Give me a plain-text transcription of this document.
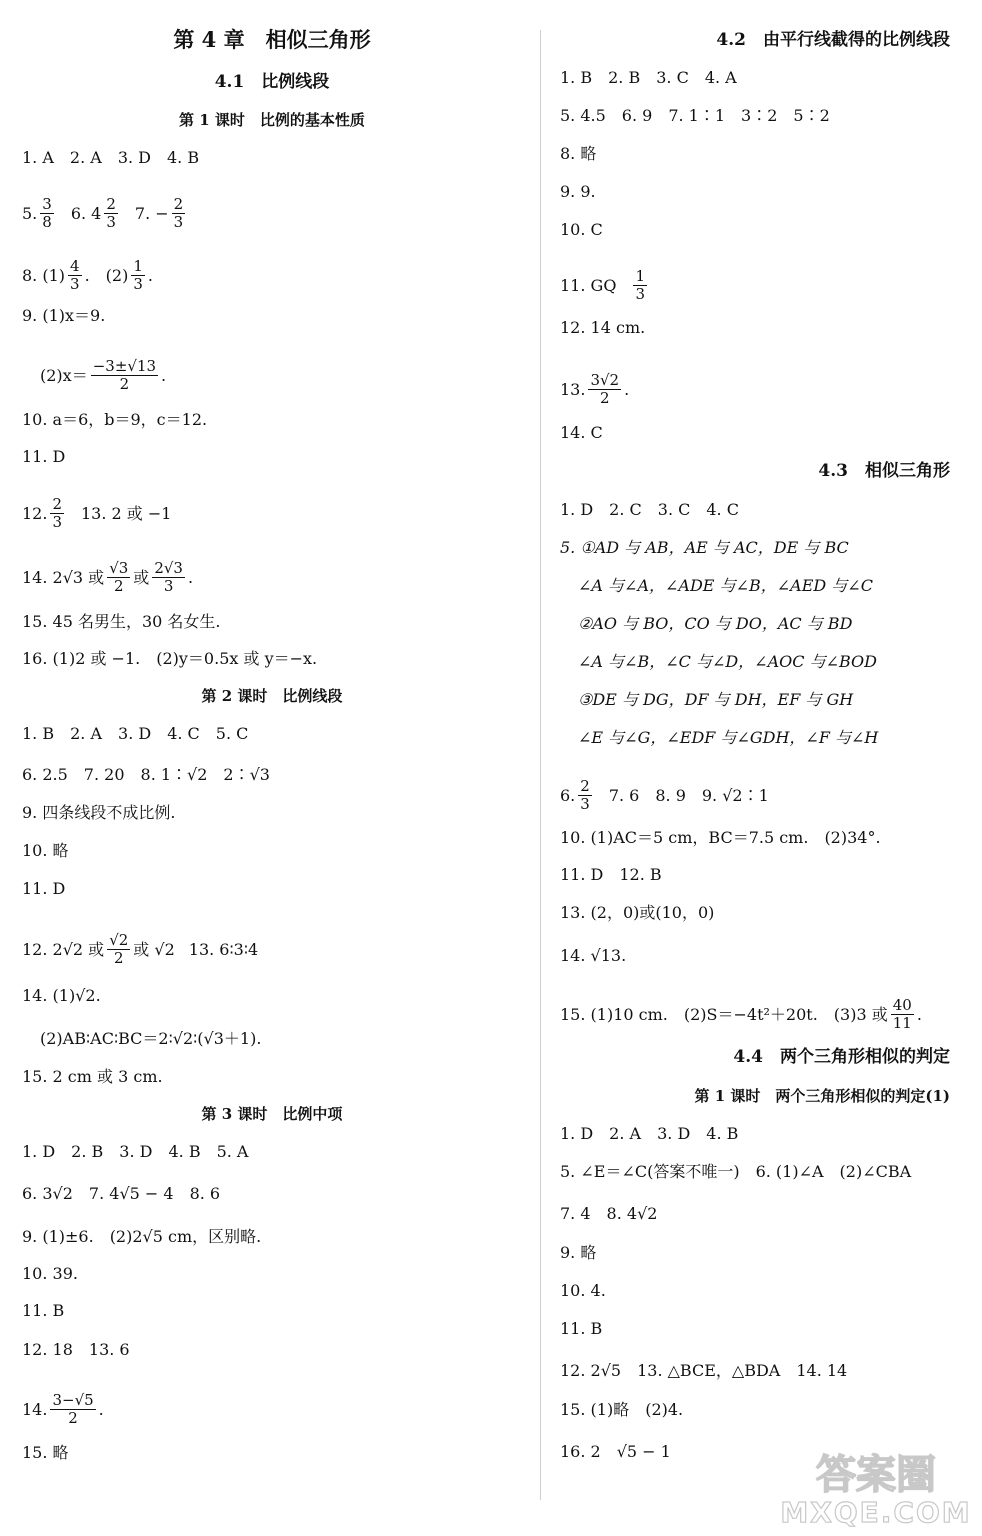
第 4 章　相似三角形
4.1　比例线段
第 1 课时　比例的基本性质
1. A　2. A　3. D　4. B
5. $\frac{3}{8} 6$. $4 \frac{2}{3} 7$. − $\frac{2}{3}$
8. $(1) \frac{4}{3}$ .　$(2) \frac{1}{3}$ .
9. (1)x＝9.
$(2)x= \frac{-3\pm√13}{2}$ .
10. a＝6，b＝9，c＝12.
11. D
12. $\frac{2}{3} 13$. 2 或 −1
14. 2√3 或 $\frac{√3}{2}$ 或 $\frac{2√3}{3}$ .
15. 45 名男生，30 名女生.
16. (1)2 或 −1.　(2)y＝0.5x 或 y＝−x.
第 2 课时　比例线段
1. B　2. A　3. D　4. C　5. C
6. 2.5　7. 20　8. 1∶√2　2∶√3
9. 四条线段不成比例.
10. 略
11. D
12. 2√2 或 $\frac{√2}{2}$ 或 √2 13. 6∶3∶4
14. (1)√2.
(2)AB∶AC∶BC＝2∶√2∶(√3＋1).
15. 2 cm 或 3 cm.
第 3 课时　比例中项
1. D　2. B　3. D　4. B　5. A
6. 3√2　7. 4√5 − 4　8. 6
9. (1)±6.　(2)2√5 cm，区别略.
10. 39.
11. B
12. 18　13. 6
14. $\frac{3-√5}{2}$ .
15. 略
4.2　由平行线截得的比例线段
1. B　2. B　3. C　4. A
5. 4.5　6. 9　7. 1∶1　3∶2　5∶2
8. 略
9. 9.
10. C
11. GQ $\frac{1}{3}$
12. 14 cm.
13. $\frac{3√2}{2}$ .
14. C
4.3　相似三角形
1. D　2. C　3. C　4. C
5. ①AD 与 AB，AE 与 AC，DE 与 BC
∠A 与∠A，∠ADE 与∠B，∠AED 与∠C
②AO 与 BO，CO 与 DO，AC 与 BD
∠A 与∠B，∠C 与∠D，∠AOC 与∠BOD
③DE 与 DG，DF 与 DH，EF 与 GH
∠E 与∠G，∠EDF 与∠GDH，∠F 与∠H
6. $\frac{2}{3} 7$. 6　8. 9　9. √2∶1
10. (1)AC＝5 cm，BC＝7.5 cm.　(2)34°.
11. D　12. B
13. (2，0)或(10，0)
14. √13.
15. (1)10 cm.　(2)S＝−4t²＋20t.　(3)3 或 $\frac{40}{11}$ .
4.4　两个三角形相似的判定
第 1 课时　两个三角形相似的判定(1)
1. D　2. A　3. D　4. B
5. ∠E＝∠C(答案不唯一)　6. (1)∠A　(2)∠CBA
7. 4　8. 4√2
9. 略
10. 4.
11. B
12. 2√5　13. △BCE，△BDA　14. 14
15. (1)略　(2)4.
16. 2　√5 − 1
答案圈
MXQE.COM
